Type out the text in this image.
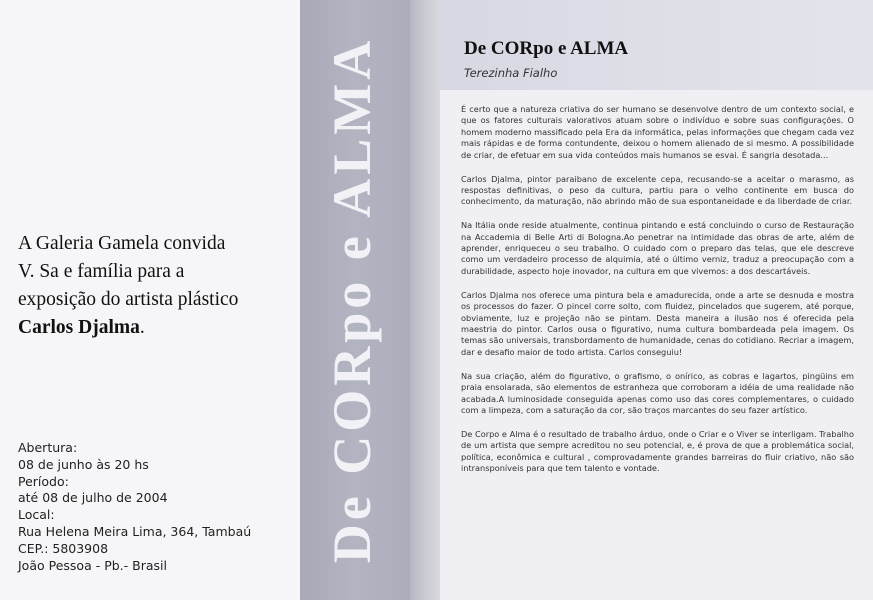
A Galeria Gamela convida
V. Sa e família para a
exposição do artista plástico
Carlos Djalma.
Abertura:
08 de junho às 20 hs
Período:
até 08 de julho de 2004
Local:
Rua Helena Meira Lima, 364, Tambaú
CEP.: 5803908
João Pessoa - Pb.- Brasil
De CORpo e ALMA	De CORpo e ALMA
Terezinha Fialho

É certo que a natureza criativa do ser humano se desenvolve dentro de um contexto social, e que os fatores culturais valorativos atuam sobre o indivíduo e sobre suas configurações. O homem moderno massificado pela Era da informática, pelas informações que chegam cada vez mais rápidas e de forma contundente, deixou o homem alienado de si mesmo. A possibilidade de criar, de efetuar em sua vida conteúdos mais humanos se esvai. É sangria desotada...

Carlos Djalma, pintor paraibano de excelente cepa, recusando-se a aceitar o marasmo, as respostas definitivas, o peso da cultura, partiu para o velho continente em busca do conhecimento, da maturação, não abrindo mão de sua espontaneidade e da liberdade de criar.

Na Itália onde reside atualmente, continua pintando e está concluindo o curso de Restauração na Accademia di Belle Arti di Bologna.Ao penetrar na intimidade das obras de arte, além de aprender, enriqueceu o seu trabalho. O cuidado com o preparo das telas, que ele descreve como um verdadeiro processo de alquimia, até o último verniz, traduz a preocupação com a durabilidade, aspecto hoje inovador, na cultura em que vivemos: a dos descartáveis.

Carlos Djalma nos oferece uma pintura bela e amadurecida, onde a arte se desnuda e mostra os processos do fazer. O pincel corre solto, com fluidez, pincelados que sugerem, até porque, obviamente, luz e projeção não se pintam. Desta maneira a ilusão nos é oferecida pela maestria do pintor. Carlos ousa o figurativo, numa cultura bombardeada pela imagem. Os temas são universais, transbordamento de humanidade, cenas do cotidiano. Recriar a imagem, dar e desafio maior de todo artista. Carlos conseguiu!

Na sua criação, além do figurativo, o grafismo, o onírico, as cobras e lagartos, pingüins em praia ensolarada, são elementos de estranheza que corroboram a idéia de uma realidade não acabada.A luminosidade conseguida apenas como uso das cores complementares, o cuidado com a limpeza, com a saturação da cor, são traços marcantes do seu fazer artístico.

De Corpo e Alma é o resultado de trabalho árduo, onde o Criar e o Viver se interligam. Trabalho de um artista que sempre acreditou no seu potencial, e, é prova de que a problemática social, política, econômica e cultural , comprovadamente grandes barreiras do fluir criativo, não são intransponíveis para que tem talento e vontade.
